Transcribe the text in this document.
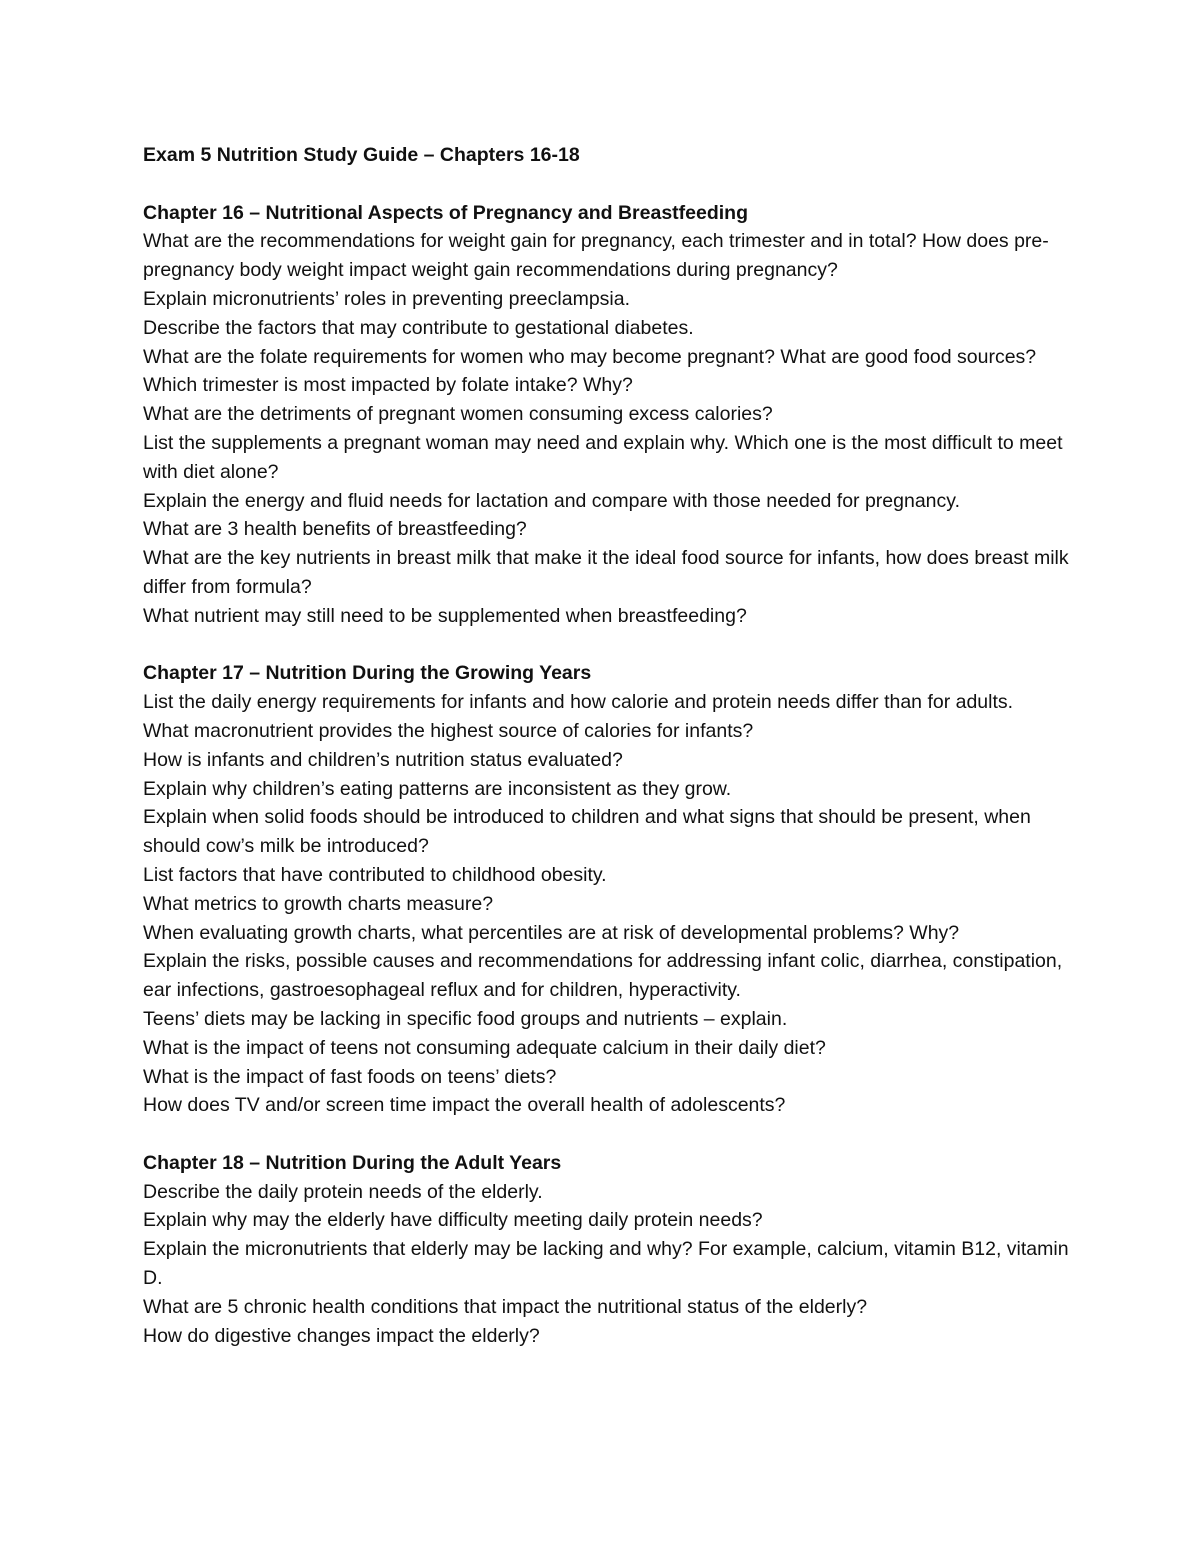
Exam 5 Nutrition Study Guide – Chapters 16-18
Chapter 16 – Nutritional Aspects of Pregnancy and Breastfeeding
What are the recommendations for weight gain for pregnancy, each trimester and in total? How does pre-pregnancy body weight impact weight gain recommendations during pregnancy?
Explain micronutrients’ roles in preventing preeclampsia.
Describe the factors that may contribute to gestational diabetes.
What are the folate requirements for women who may become pregnant? What are good food sources?
Which trimester is most impacted by folate intake? Why?
What are the detriments of pregnant women consuming excess calories?
List the supplements a pregnant woman may need and explain why. Which one is the most difficult to meet with diet alone?
Explain the energy and fluid needs for lactation and compare with those needed for pregnancy.
What are 3 health benefits of breastfeeding?
What are the key nutrients in breast milk that make it the ideal food source for infants, how does breast milk differ from formula?
What nutrient may still need to be supplemented when breastfeeding?
Chapter 17 – Nutrition During the Growing Years
List the daily energy requirements for infants and how calorie and protein needs differ than for adults.
What macronutrient provides the highest source of calories for infants?
How is infants and children’s nutrition status evaluated?
Explain why children’s eating patterns are inconsistent as they grow.
Explain when solid foods should be introduced to children and what signs that should be present, when should cow’s milk be introduced?
List factors that have contributed to childhood obesity.
What metrics to growth charts measure?
When evaluating growth charts, what percentiles are at risk of developmental problems? Why?
Explain the risks, possible causes and recommendations for addressing infant colic, diarrhea, constipation, ear infections, gastroesophageal reflux and for children, hyperactivity.
Teens’ diets may be lacking in specific food groups and nutrients – explain.
What is the impact of teens not consuming adequate calcium in their daily diet?
What is the impact of fast foods on teens’ diets?
How does TV and/or screen time impact the overall health of adolescents?
Chapter 18 – Nutrition During the Adult Years
Describe the daily protein needs of the elderly.
Explain why may the elderly have difficulty meeting daily protein needs?
Explain the micronutrients that elderly may be lacking and why? For example, calcium, vitamin B12, vitamin D.
What are 5 chronic health conditions that impact the nutritional status of the elderly?
How do digestive changes impact the elderly?
